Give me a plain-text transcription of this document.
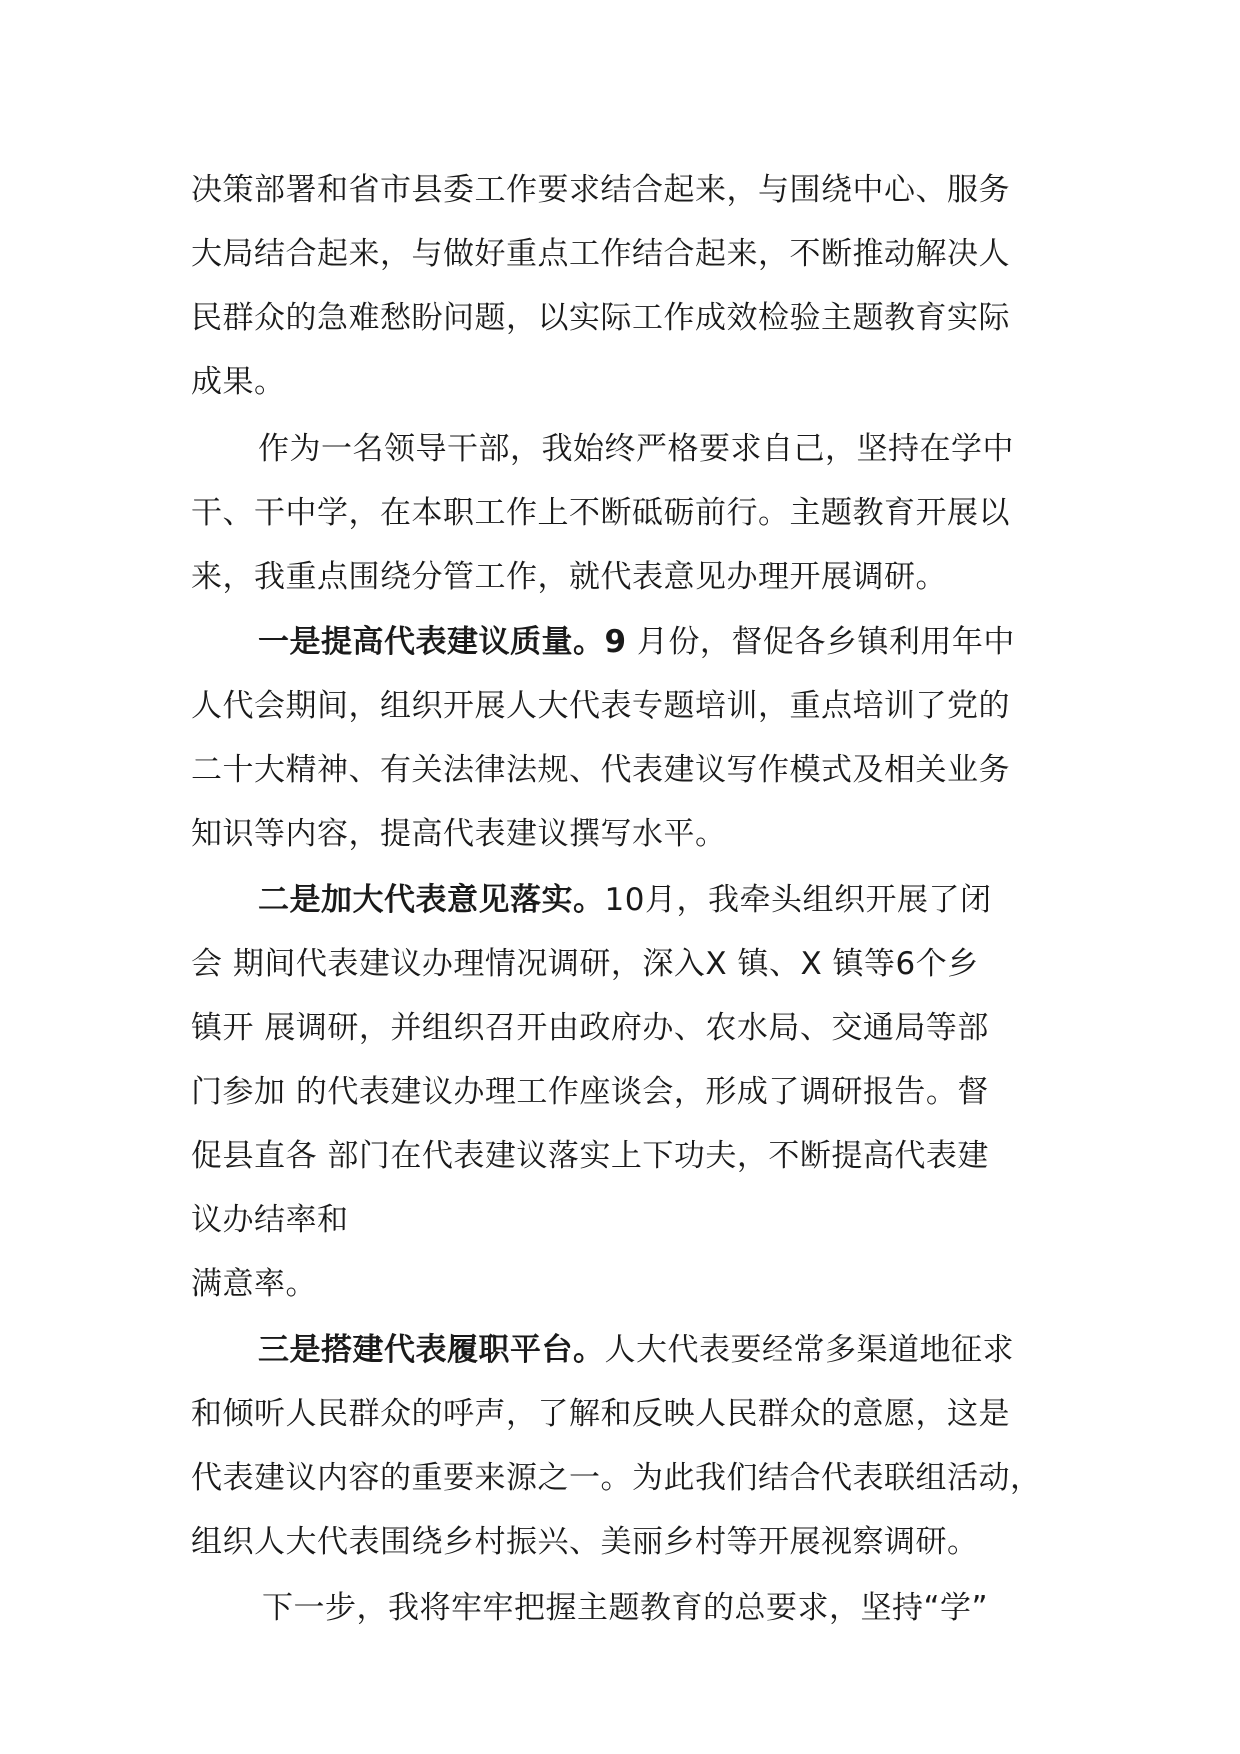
决策部署和省市县委工作要求结合起来，与围绕中心、服务
大局结合起来，与做好重点工作结合起来，不断推动解决人
民群众的急难愁盼问题，以实际工作成效检验主题教育实际
成果。
作为一名领导干部，我始终严格要求自己，坚持在学中
干、干中学，在本职工作上不断砥砺前行。主题教育开展以
来，我重点围绕分管工作，就代表意见办理开展调研。
一是提高代表建议质量。9 月份，督促各乡镇利用年中
人代会期间，组织开展人大代表专题培训，重点培训了党的
二十大精神、有关法律法规、代表建议写作模式及相关业务
知识等内容，提高代表建议撰写水平。
二是加大代表意见落实。10月，我牵头组织开展了闭
会 期间代表建议办理情况调研，深入X 镇、X 镇等6个乡
镇开 展调研，并组织召开由政府办、农水局、交通局等部
门参加 的代表建议办理工作座谈会，形成了调研报告。督
促县直各 部门在代表建议落实上下功夫，不断提高代表建
议办结率和
满意率。
三是搭建代表履职平台。人大代表要经常多渠道地征求
和倾听人民群众的呼声，了解和反映人民群众的意愿，这是
代表建议内容的重要来源之一。为此我们结合代表联组活动，
组织人大代表围绕乡村振兴、美丽乡村等开展视察调研。
下一步，我将牢牢把握主题教育的总要求，坚持“学”
